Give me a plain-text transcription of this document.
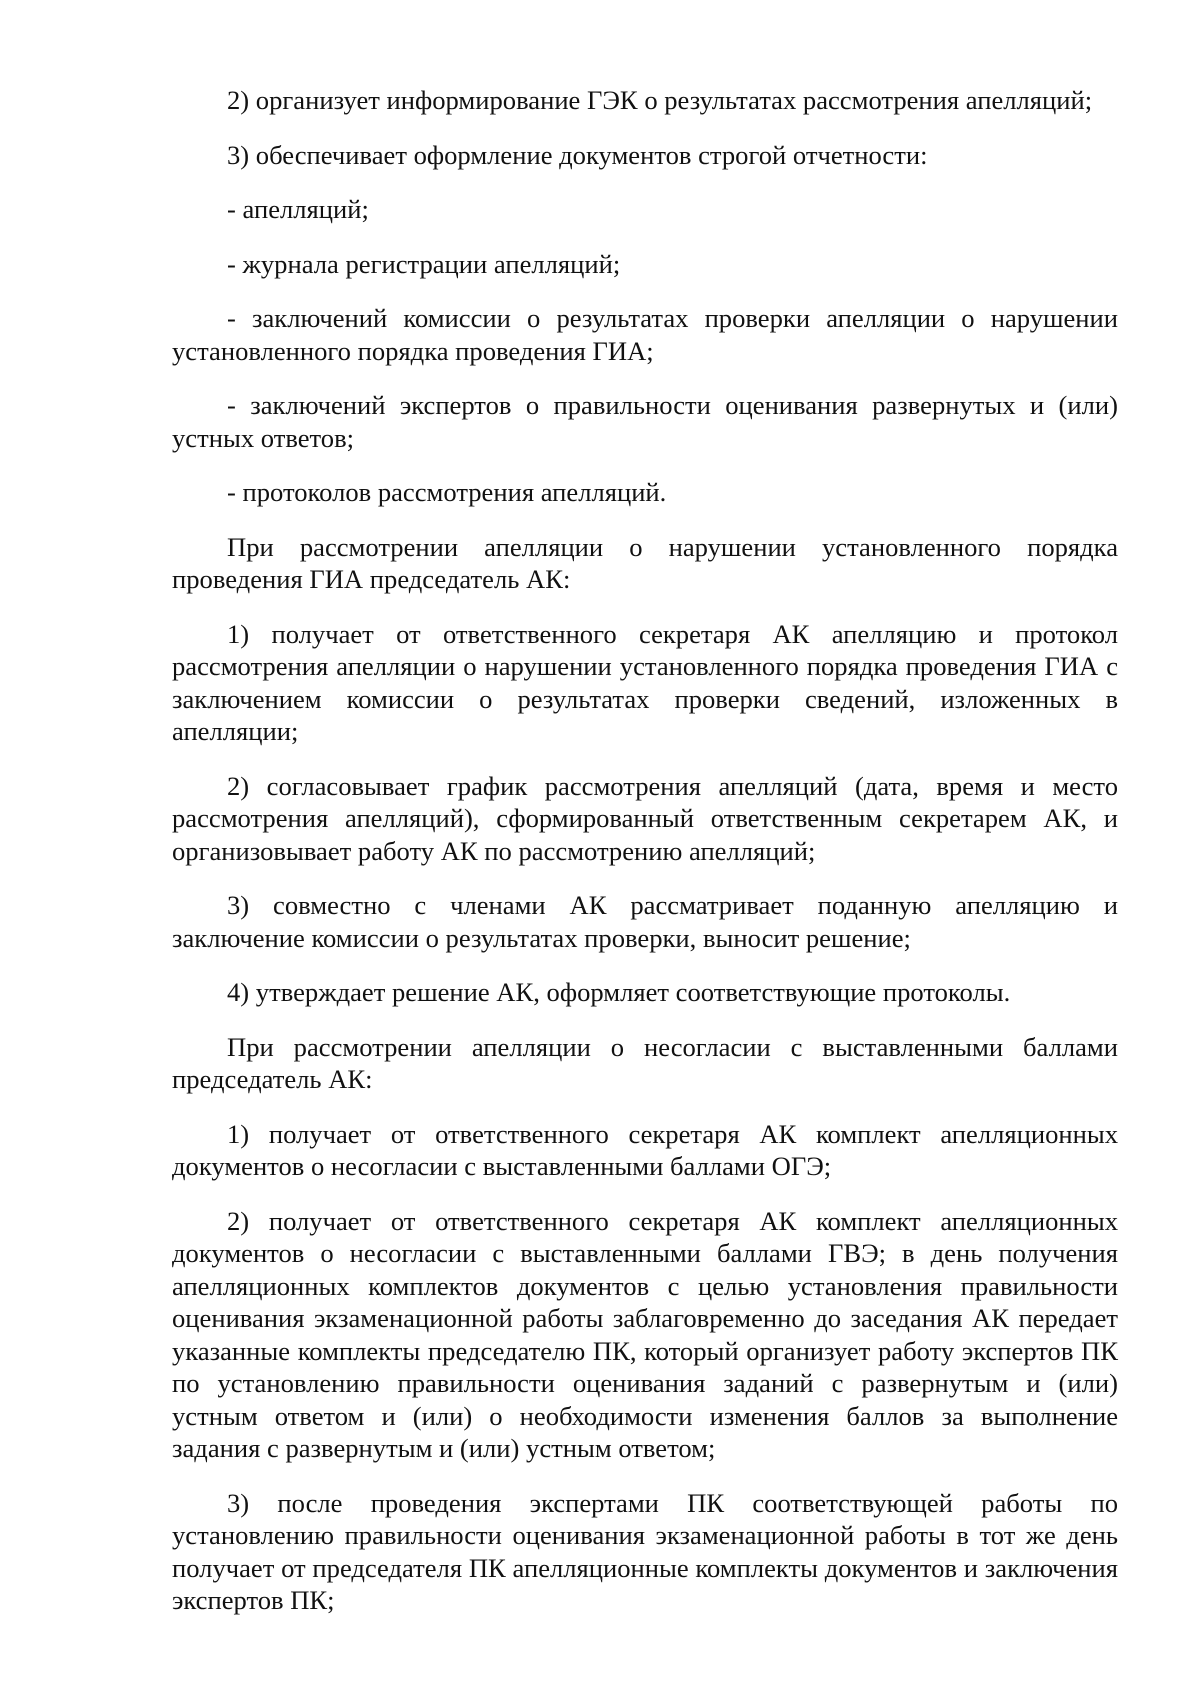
2) организует информирование ГЭК о результатах рассмотрения апелляций;

3) обеспечивает оформление документов строгой отчетности:

- апелляций;

- журнала регистрации апелляций;

- заключений комиссии о результатах проверки апелляции о нарушении установленного порядка проведения ГИА;

- заключений экспертов о правильности оценивания развернутых и (или) устных ответов;

- протоколов рассмотрения апелляций.

При рассмотрении апелляции о нарушении установленного порядка проведения ГИА председатель АК:

1) получает от ответственного секретаря АК апелляцию и протокол рассмотрения апелляции о нарушении установленного порядка проведения ГИА с заключением комиссии о результатах проверки сведений, изложенных в апелляции;

2) согласовывает график рассмотрения апелляций (дата, время и место рассмотрения апелляций), сформированный ответственным секретарем АК, и организовывает работу АК по рассмотрению апелляций;

3) совместно с членами АК рассматривает поданную апелляцию и заключение комиссии о результатах проверки, выносит решение;

4) утверждает решение АК, оформляет соответствующие протоколы.

При рассмотрении апелляции о несогласии с выставленными баллами председатель АК:

1) получает от ответственного секретаря АК комплект апелляционных документов о несогласии с выставленными баллами ОГЭ;

2) получает от ответственного секретаря АК комплект апелляционных документов о несогласии с выставленными баллами ГВЭ; в день получения апелляционных комплектов документов с целью установления правильности оценивания экзаменационной работы заблаговременно до заседания АК передает указанные комплекты председателю ПК, который организует работу экспертов ПК по установлению правильности оценивания заданий с развернутым и (или) устным ответом и (или) о необходимости изменения баллов за выполнение задания с развернутым и (или) устным ответом;

3) после проведения экспертами ПК соответствующей работы по установлению правильности оценивания экзаменационной работы в тот же день получает от председателя ПК апелляционные комплекты документов и заключения экспертов ПК;
